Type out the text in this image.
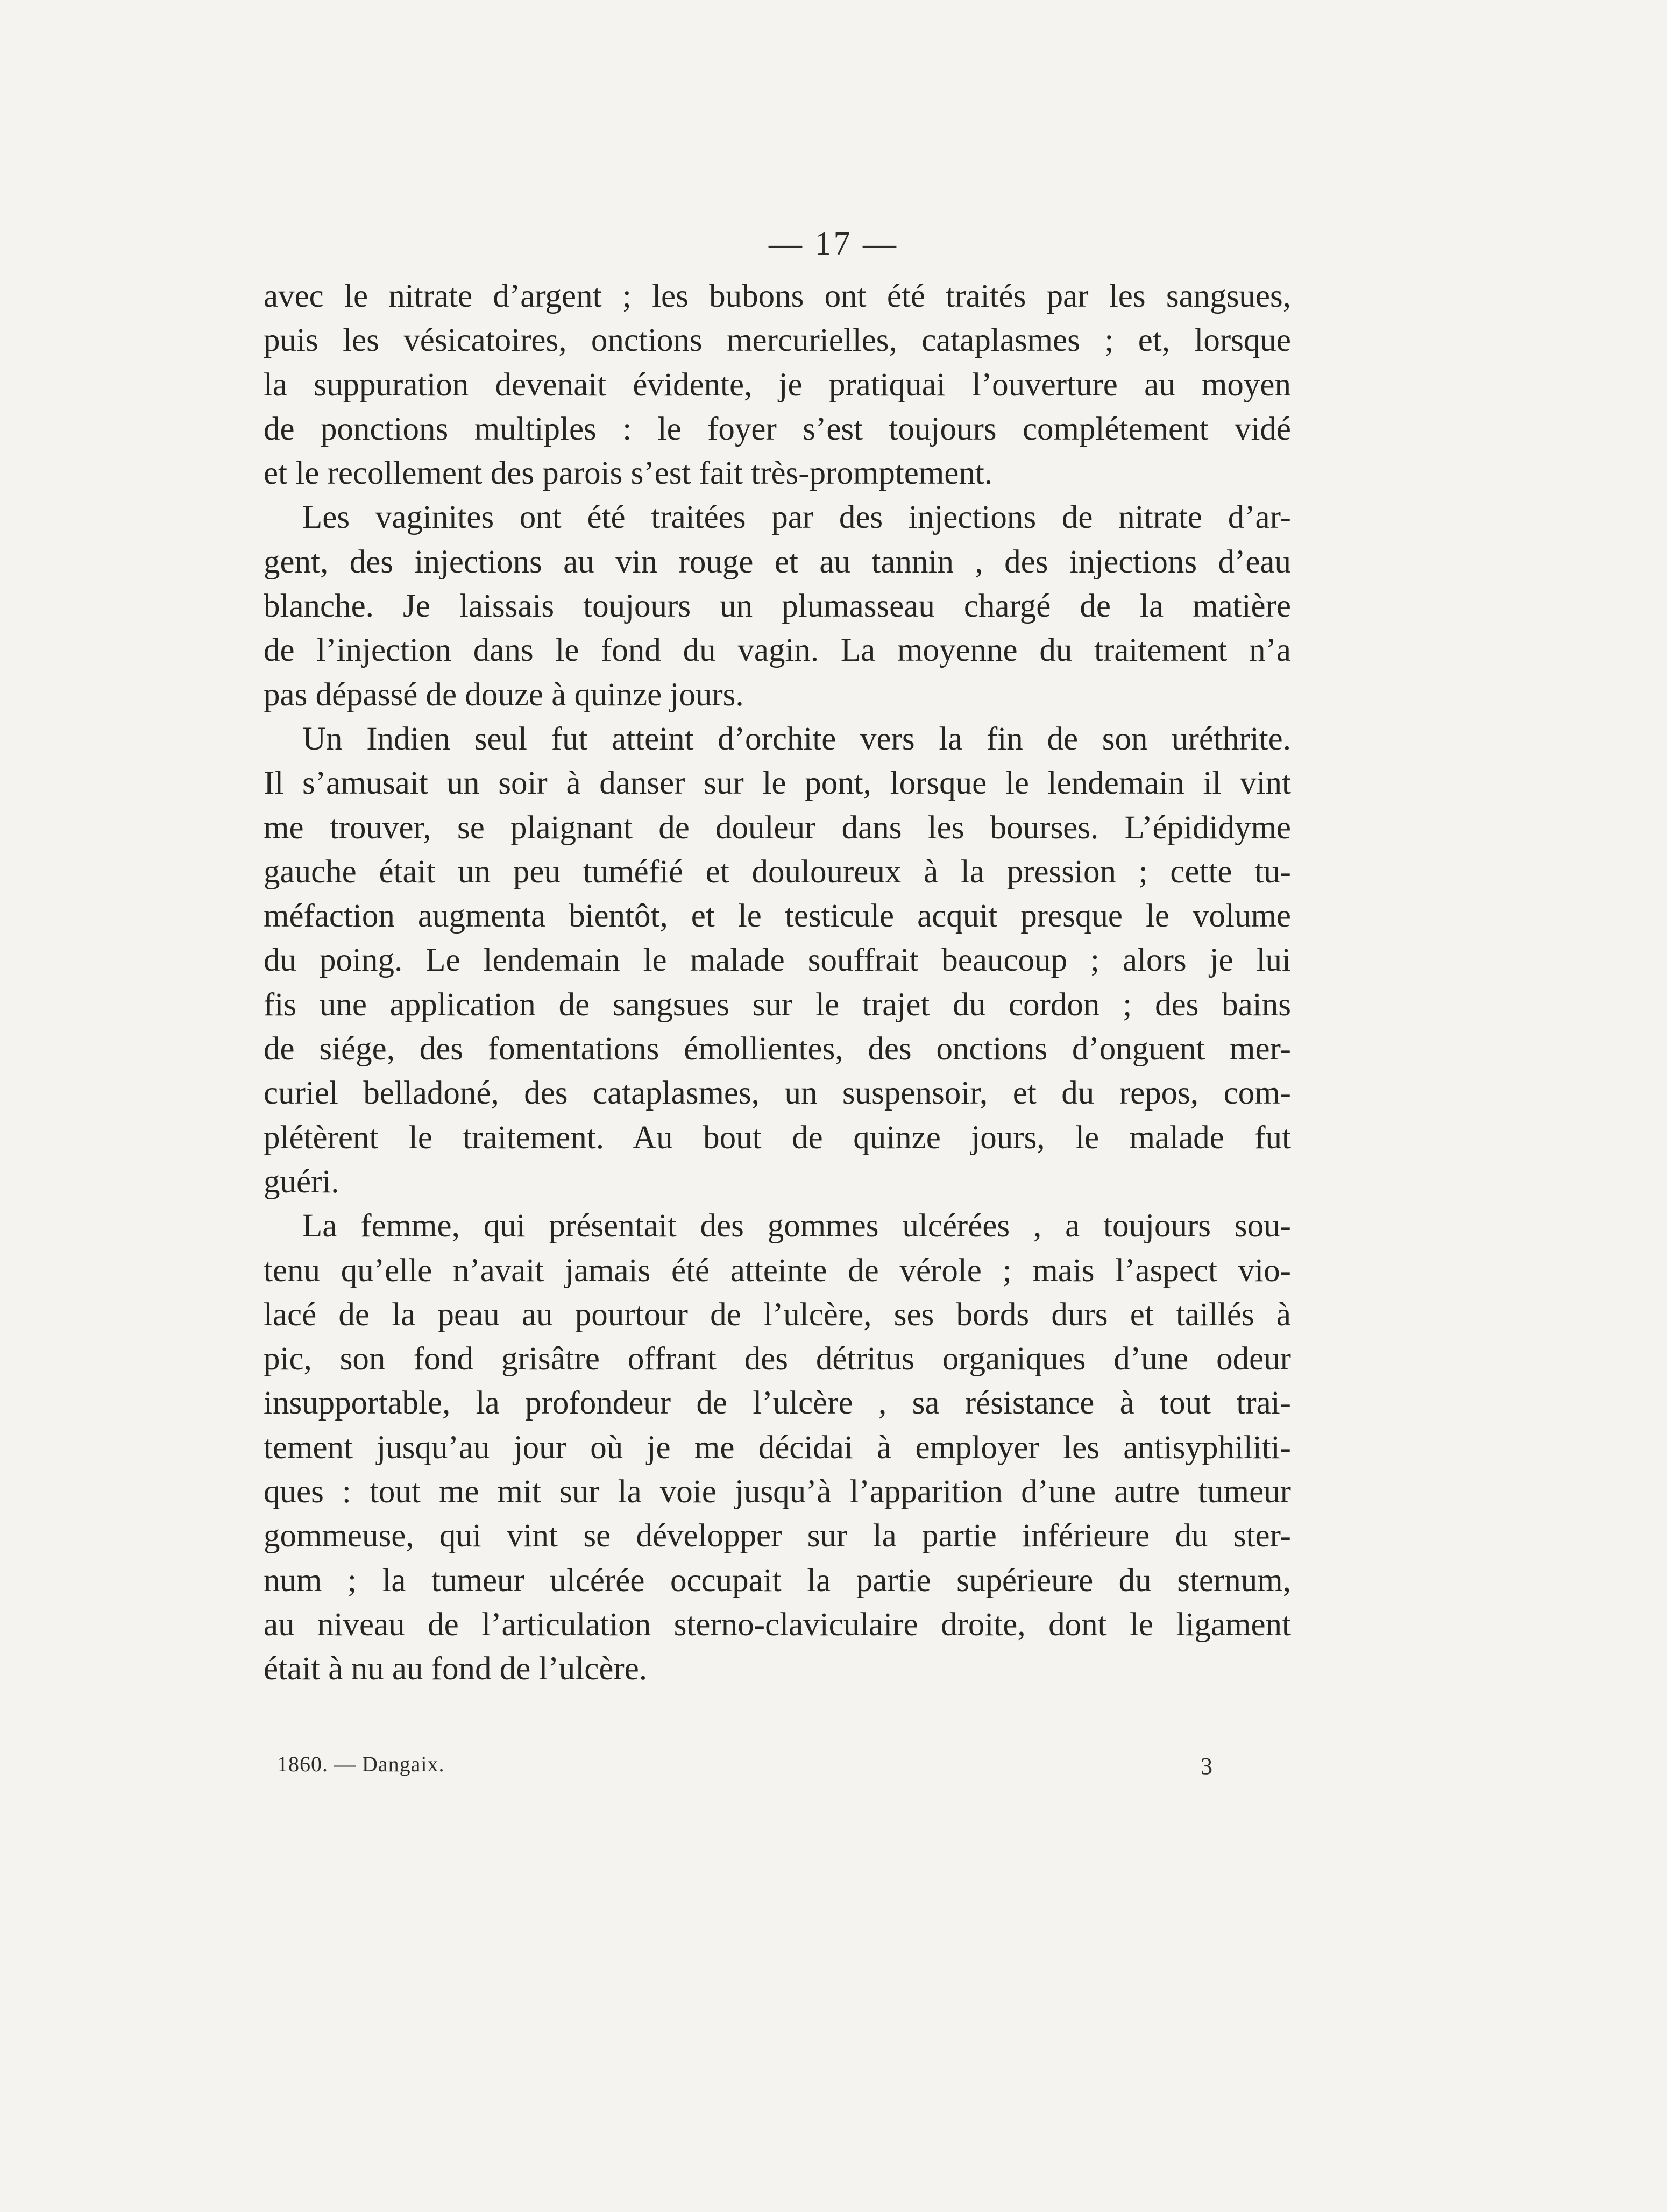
— 17 —
avec le nitrate d’argent ; les bubons ont été traités par les sangsues,
puis les vésicatoires, onctions mercurielles, cataplasmes ; et, lorsque
la suppuration devenait évidente, je pratiquai l’ouverture au moyen
de ponctions multiples : le foyer s’est toujours complétement vidé
et le recollement des parois s’est fait très-promptement.
Les vaginites ont été traitées par des injections de nitrate d’ar-
gent, des injections au vin rouge et au tannin , des injections d’eau
blanche. Je laissais toujours un plumasseau chargé de la matière
de l’injection dans le fond du vagin. La moyenne du traitement n’a
pas dépassé de douze à quinze jours.
Un Indien seul fut atteint d’orchite vers la fin de son uréthrite.
Il s’amusait un soir à danser sur le pont, lorsque le lendemain il vint
me trouver, se plaignant de douleur dans les bourses. L’épididyme
gauche était un peu tuméfié et douloureux à la pression ; cette tu-
méfaction augmenta bientôt, et le testicule acquit presque le volume
du poing. Le lendemain le malade souffrait beaucoup ; alors je lui
fis une application de sangsues sur le trajet du cordon ; des bains
de siége, des fomentations émollientes, des onctions d’onguent mer-
curiel belladoné, des cataplasmes, un suspensoir, et du repos, com-
plétèrent le traitement. Au bout de quinze jours, le malade fut
guéri.
La femme, qui présentait des gommes ulcérées , a toujours sou-
tenu qu’elle n’avait jamais été atteinte de vérole ; mais l’aspect vio-
lacé de la peau au pourtour de l’ulcère, ses bords durs et taillés à
pic, son fond grisâtre offrant des détritus organiques d’une odeur
insupportable, la profondeur de l’ulcère , sa résistance à tout trai-
tement jusqu’au jour où je me décidai à employer les antisyphiliti-
ques : tout me mit sur la voie jusqu’à l’apparition d’une autre tumeur
gommeuse, qui vint se développer sur la partie inférieure du ster-
num ; la tumeur ulcérée occupait la partie supérieure du sternum,
au niveau de l’articulation sterno-claviculaire droite, dont le ligament
était à nu au fond de l’ulcère.
1860. — Dangaix.	3
